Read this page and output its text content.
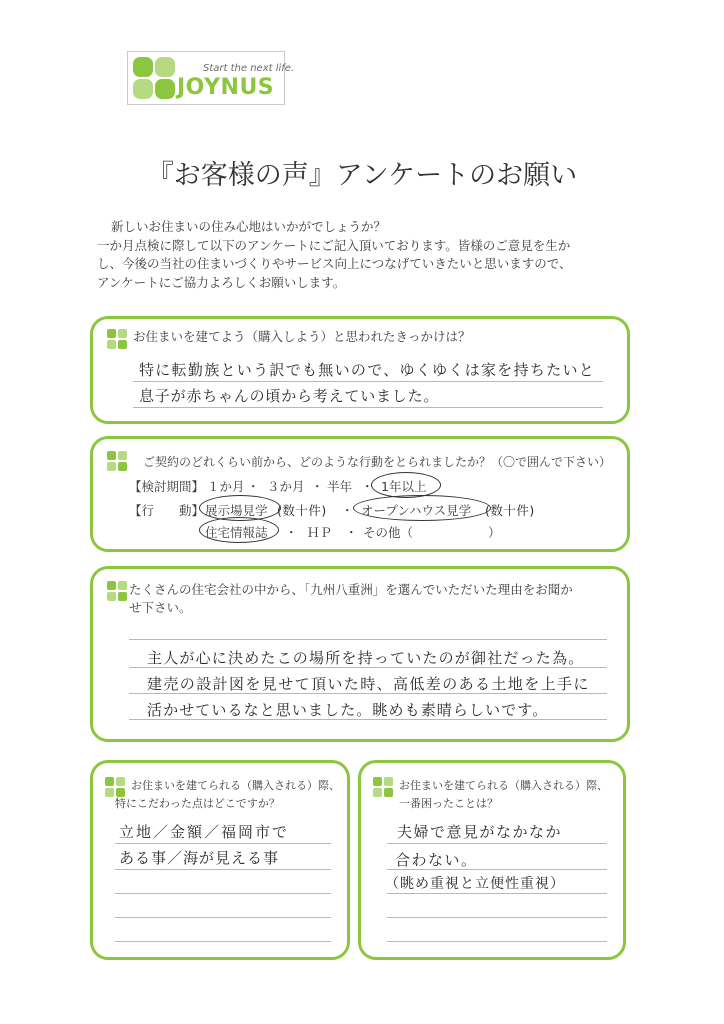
Start the next life.
JOYNUS
『お客様の声』アンケートのお願い

新しいお住まいの住み心地はいかがでしょうか？

一か月点検に際して以下のアンケートにご記入頂いております。皆様のご意見を生か

し、今後の当社の住まいづくりやサービス向上につなげていきたいと思いますので、

アンケートにご協力よろしくお願いします。

お住まいを建てよう（購入しよう）と思われたきっかけは？
特に転勤族という訳でも無いので、ゆくゆくは家を持ちたいと
息子が赤ちゃんの頃から考えていました。
ご契約のどれくらい前から、どのような行動をとられましたか？（〇で囲んで下さい）
【検討期間】 １か月 ・ ３か月 ・ 半年 ・ 1年以上
【行　　動】 展示場見学 (数十件) ・ オープンハウス見学 (数十件)
住宅情報誌 ・ ＨＰ ・ その他（　　　　　　）
たくさんの住宅会社の中から、「九州八重洲」を選んでいただいた理由をお聞か
せ下さい。
主人が心に決めたこの場所を持っていたのが御社だった為。
建売の設計図を見せて頂いた時、高低差のある土地を上手に
活かせているなと思いました。眺めも素晴らしいです。
お住まいを建てられる（購入される）際、
特にこだわった点はどこですか？
立地／金額／福岡市で
ある事／海が見える事
お住まいを建てられる（購入される）際、
一番困ったことは？
夫婦で意見がなかなか
合わない。
（眺め重視と立便性重視）
